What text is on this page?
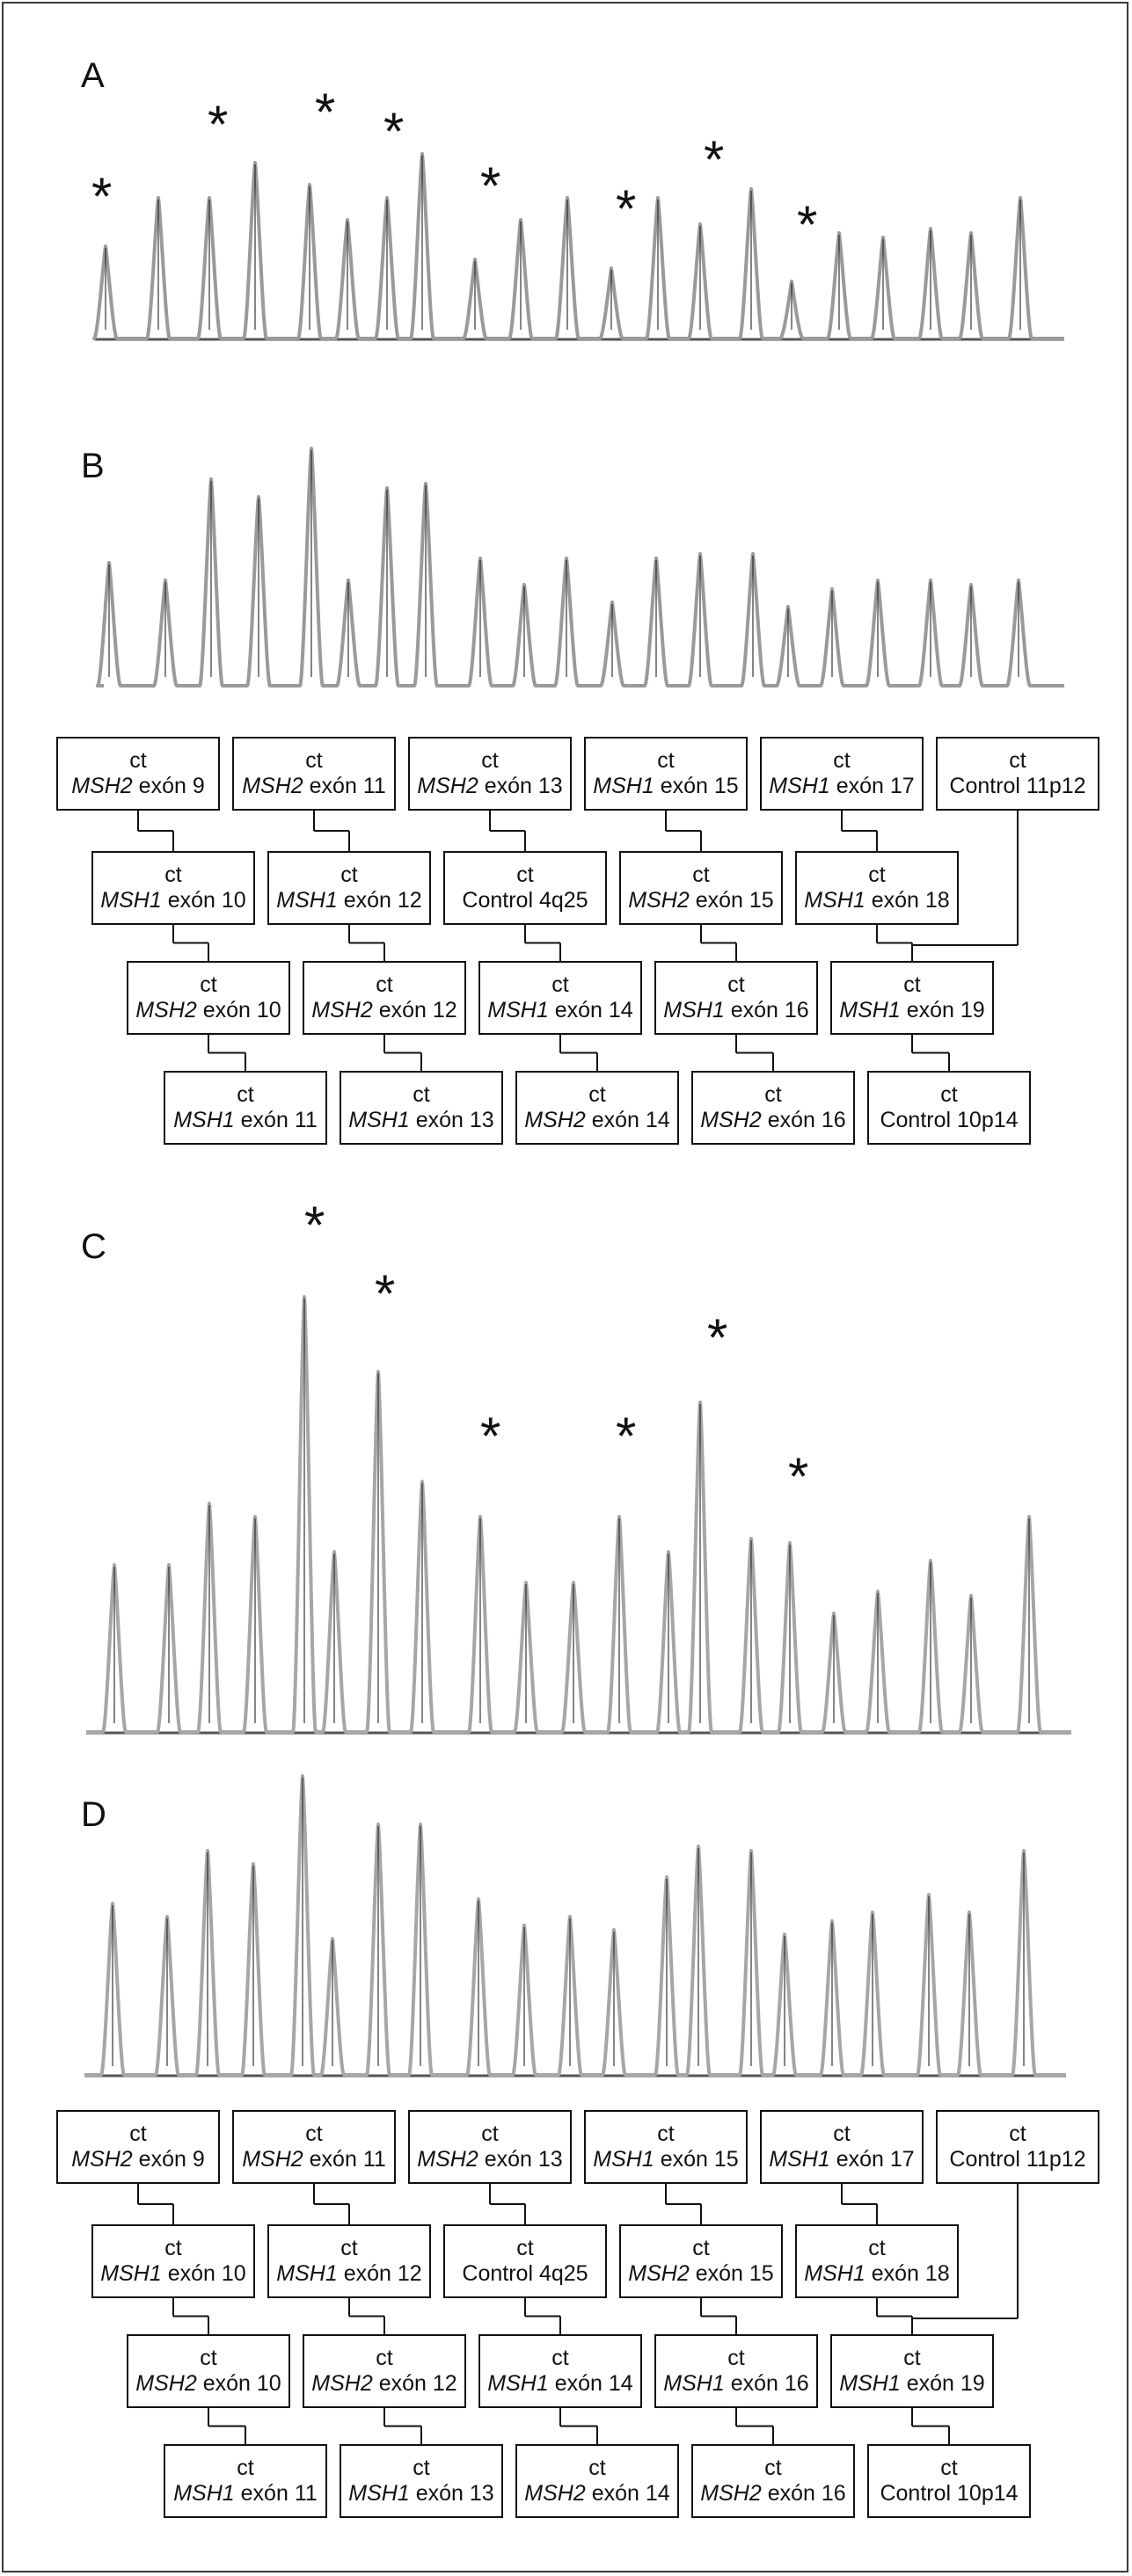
A
*
* * *
* *
*
*
B
ct
MSH2 exón 9
ct
MSH2 exón 11
ct
MSH2 exón 13
ct
MSH1 exón 15
ct
MSH1 exón 17
ct
Control 11p12
ct
MSH1 exón 10
ct
MSH1 exón 12
ct
Control 4q25
ct
MSH2 exón 15
ct
MSH1 exón 18
ct
MSH2 exón 10
ct
MSH2 exón 12
ct
MSH1 exón 14
ct
MSH1 exón 16
ct
MSH1 exón 19
ct
MSH1 exón 11
ct
MSH1 exón 13
ct
MSH2 exón 14
ct
MSH2 exón 16
ct
Control 10p14
C	*
*
* *
*
*
D
ct
MSH2 exón 9
ct
MSH2 exón 11
ct
MSH2 exón 13
ct
MSH1 exón 15
ct
MSH1 exón 17
ct
Control 11p12
ct
MSH1 exón 10
ct
MSH1 exón 12
ct
Control 4q25
ct
MSH2 exón 15
ct
MSH1 exón 18
ct
MSH2 exón 10
ct
MSH2 exón 12
ct
MSH1 exón 14
ct
MSH1 exón 16
ct
MSH1 exón 19
ct
MSH1 exón 11
ct
MSH1 exón 13
ct
MSH2 exón 14
ct
MSH2 exón 16
ct
Control 10p14
